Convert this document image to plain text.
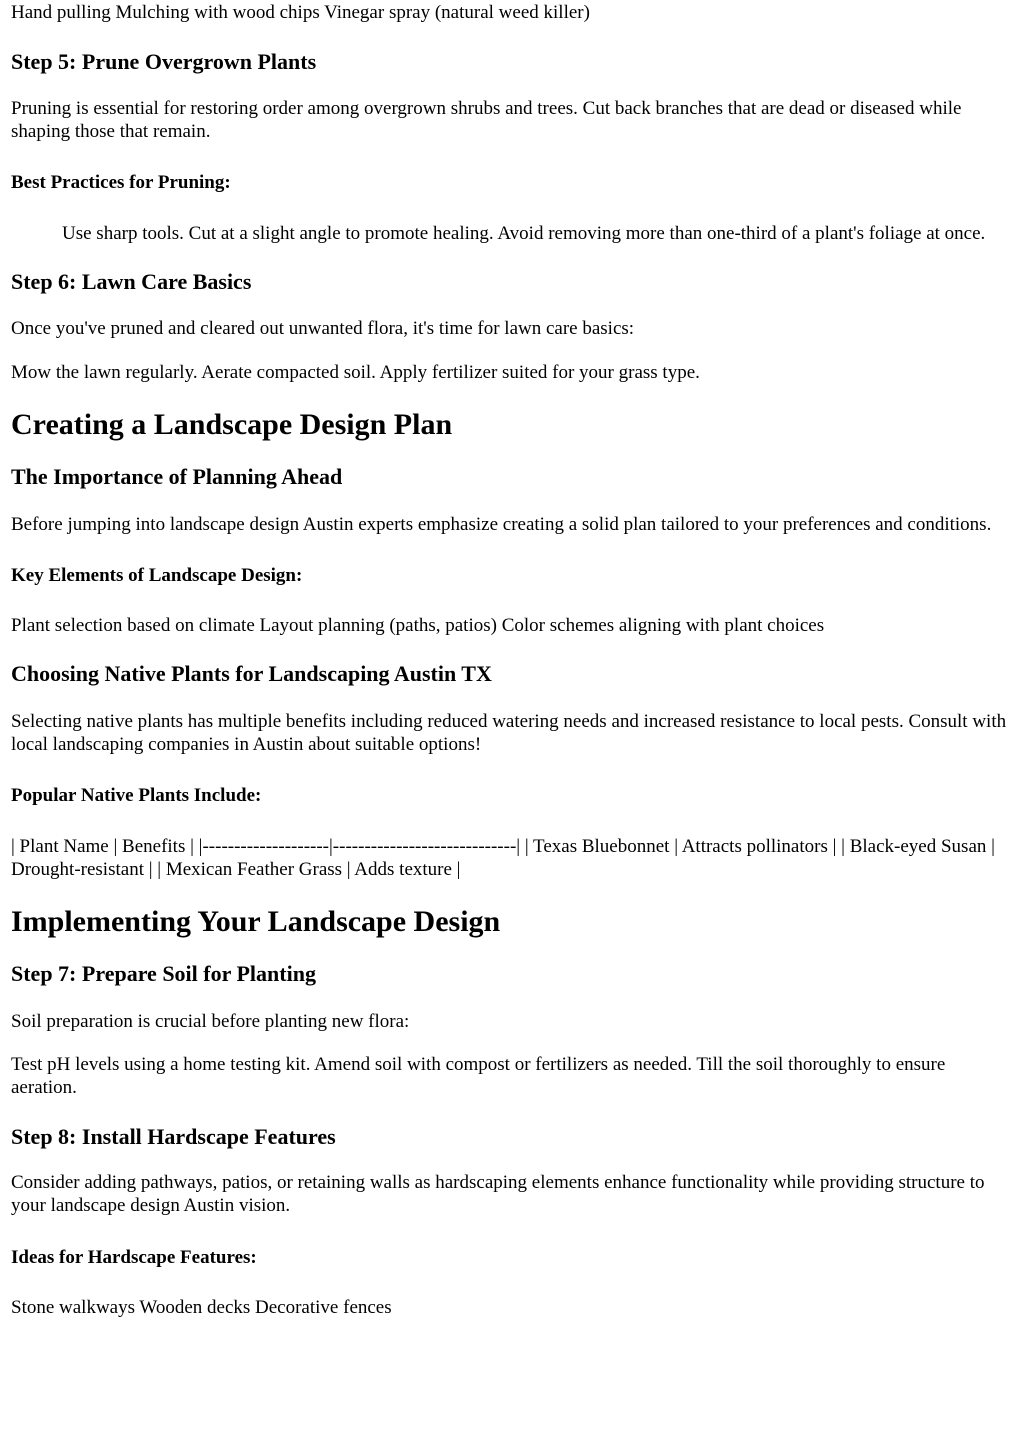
Hand pulling Mulching with wood chips Vinegar spray (natural weed killer)

Step 5: Prune Overgrown Plants

Pruning is essential for restoring order among overgrown shrubs and trees. Cut back branches that are dead or diseased while shaping those that remain.

Best Practices for Pruning:

Use sharp tools. Cut at a slight angle to promote healing. Avoid removing more than one-third of a plant's foliage at once.

Step 6: Lawn Care Basics

Once you've pruned and cleared out unwanted flora, it's time for lawn care basics:

Mow the lawn regularly. Aerate compacted soil. Apply fertilizer suited for your grass type.

Creating a Landscape Design Plan
The Importance of Planning Ahead

Before jumping into landscape design Austin experts emphasize creating a solid plan tailored to your preferences and conditions.

Key Elements of Landscape Design:

Plant selection based on climate Layout planning (paths, patios) Color schemes aligning with plant choices

Choosing Native Plants for Landscaping Austin TX

Selecting native plants has multiple benefits including reduced watering needs and increased resistance to local pests. Consult with local landscaping companies in Austin about suitable options!

Popular Native Plants Include:

| Plant Name | Benefits | |--------------------|-----------------------------| | Texas Bluebonnet | Attracts pollinators | | Black-eyed Susan | Drought-resistant | | Mexican Feather Grass | Adds texture |

Implementing Your Landscape Design
Step 7: Prepare Soil for Planting

Soil preparation is crucial before planting new flora:

Test pH levels using a home testing kit. Amend soil with compost or fertilizers as needed. Till the soil thoroughly to ensure aeration.

Step 8: Install Hardscape Features

Consider adding pathways, patios, or retaining walls as hardscaping elements enhance functionality while providing structure to your landscape design Austin vision.

Ideas for Hardscape Features:

Stone walkways Wooden decks Decorative fences
